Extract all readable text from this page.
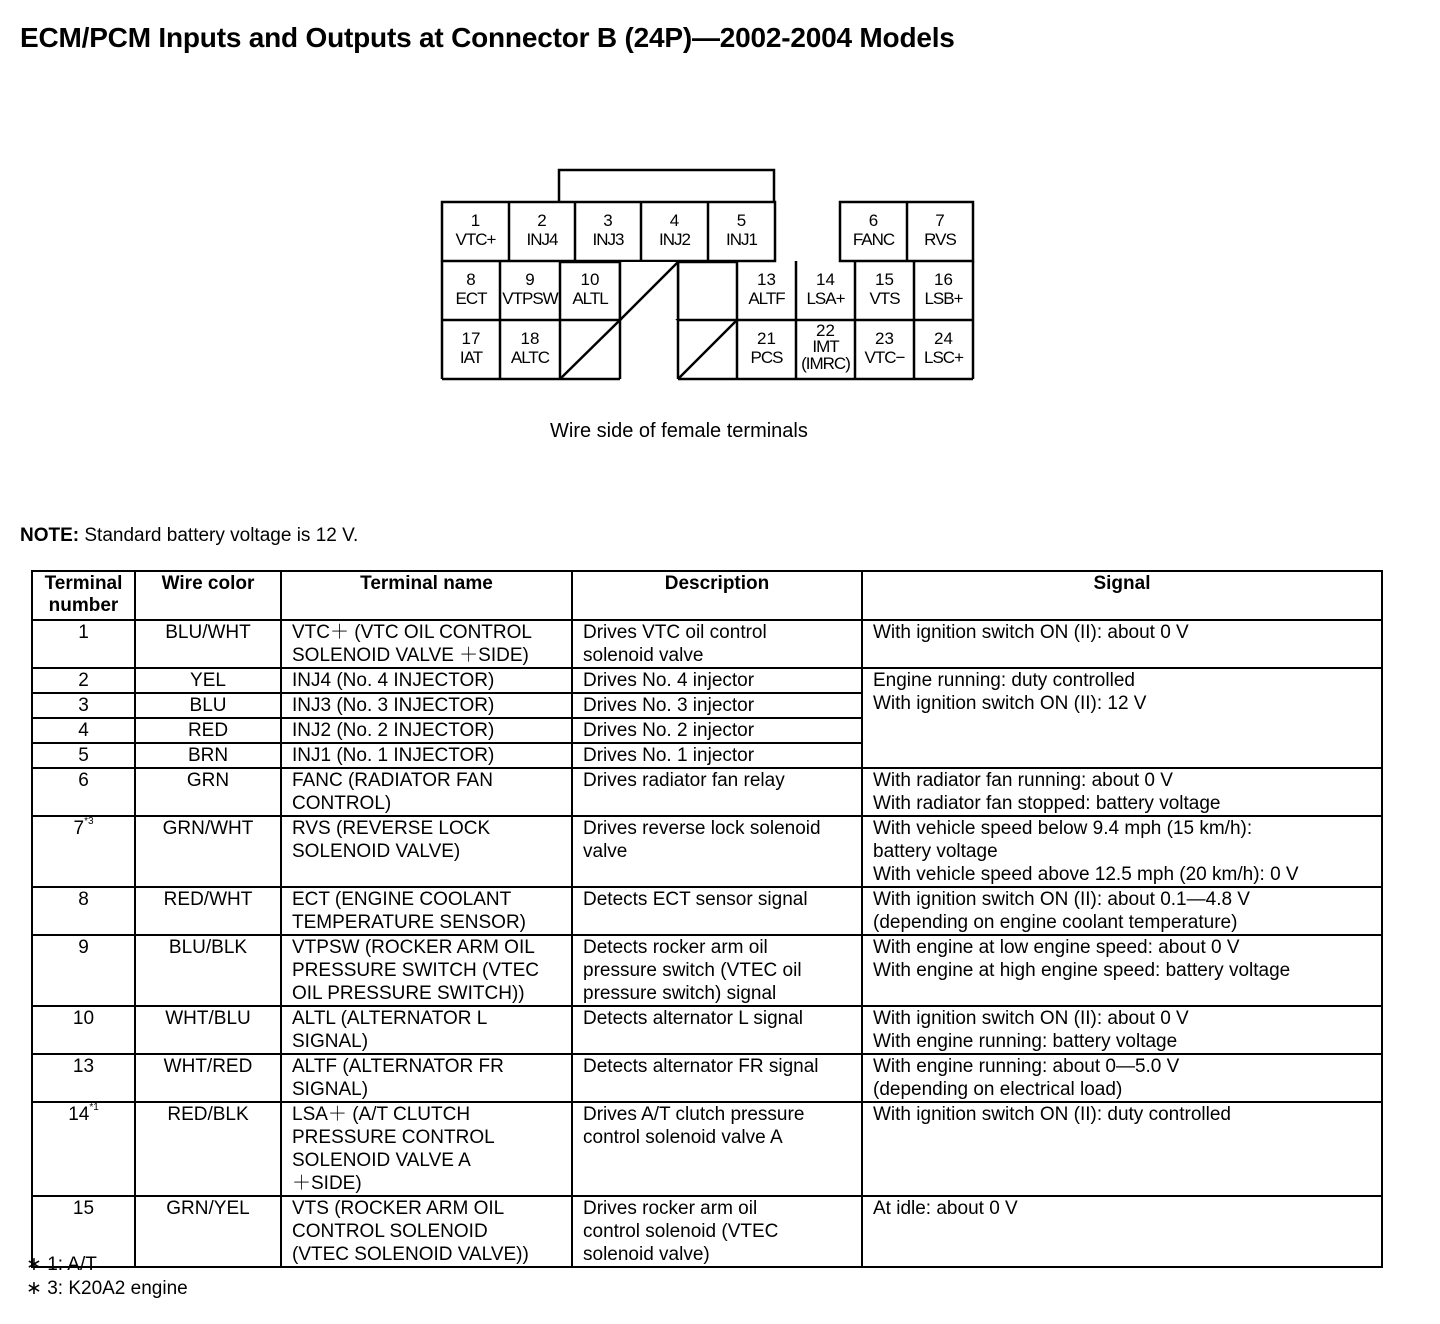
ECM/PCM Inputs and Outputs at Connector B (24P)—2002-2004 Models
1
VTC+
2
INJ4
3
INJ3
4
INJ2
5
INJ1
6
FANC
7
RVS
8
ECT
9
VTPSW
10
ALTL
13
ALTF
14
LSA+
15
VTS
16
LSB+
17
IAT
18
ALTC
21
PCS
22
IMT
(IMRC)
23
VTC−
24
LSC+
Wire side of female terminals
NOTE: Standard battery voltage is 12 V.
Terminal
number	Wire color	Terminal name	Description	Signal
1	BLU/WHT	VTC＋ (VTC OIL CONTROL
SOLENOID VALVE ＋SIDE)	Drives VTC oil control
solenoid valve	With ignition switch ON (II): about 0 V
2	YEL	INJ4 (No. 4 INJECTOR)	Drives No. 4 injector	Engine running: duty controlled
With ignition switch ON (II): 12 V
3	BLU	INJ3 (No. 3 INJECTOR)	Drives No. 3 injector	
4	RED	INJ2 (No. 2 INJECTOR)	Drives No. 2 injector	
5	BRN	INJ1 (No. 1 INJECTOR)	Drives No. 1 injector	
6	GRN	FANC (RADIATOR FAN
CONTROL)	Drives radiator fan relay	With radiator fan running: about 0 V
With radiator fan stopped: battery voltage
7$^{*3}$	GRN/WHT	RVS (REVERSE LOCK
SOLENOID VALVE)	Drives reverse lock solenoid
valve	With vehicle speed below 9.4 mph (15 km/h):
battery voltage
With vehicle speed above 12.5 mph (20 km/h): 0 V
8	RED/WHT	ECT (ENGINE COOLANT
TEMPERATURE SENSOR)	Detects ECT sensor signal	With ignition switch ON (II): about 0.1—4.8 V
(depending on engine coolant temperature)
9	BLU/BLK	VTPSW (ROCKER ARM OIL
PRESSURE SWITCH (VTEC
OIL PRESSURE SWITCH))	Detects rocker arm oil
pressure switch (VTEC oil
pressure switch) signal	With engine at low engine speed: about 0 V
With engine at high engine speed: battery voltage
10	WHT/BLU	ALTL (ALTERNATOR L
SIGNAL)	Detects alternator L signal	With ignition switch ON (II): about 0 V
With engine running: battery voltage
13	WHT/RED	ALTF (ALTERNATOR FR
SIGNAL)	Detects alternator FR signal	With engine running: about 0—5.0 V
(depending on electrical load)
14$^{*1}$	RED/BLK	LSA＋ (A/T CLUTCH
PRESSURE CONTROL
SOLENOID VALVE A
＋SIDE)	Drives A/T clutch pressure
control solenoid valve A	With ignition switch ON (II): duty controlled
15	GRN/YEL	VTS (ROCKER ARM OIL
CONTROL SOLENOID
(VTEC SOLENOID VALVE))	Drives rocker arm oil
control solenoid (VTEC
solenoid valve)	At idle: about 0 V
∗ 1: A/T
∗ 3: K20A2 engine
